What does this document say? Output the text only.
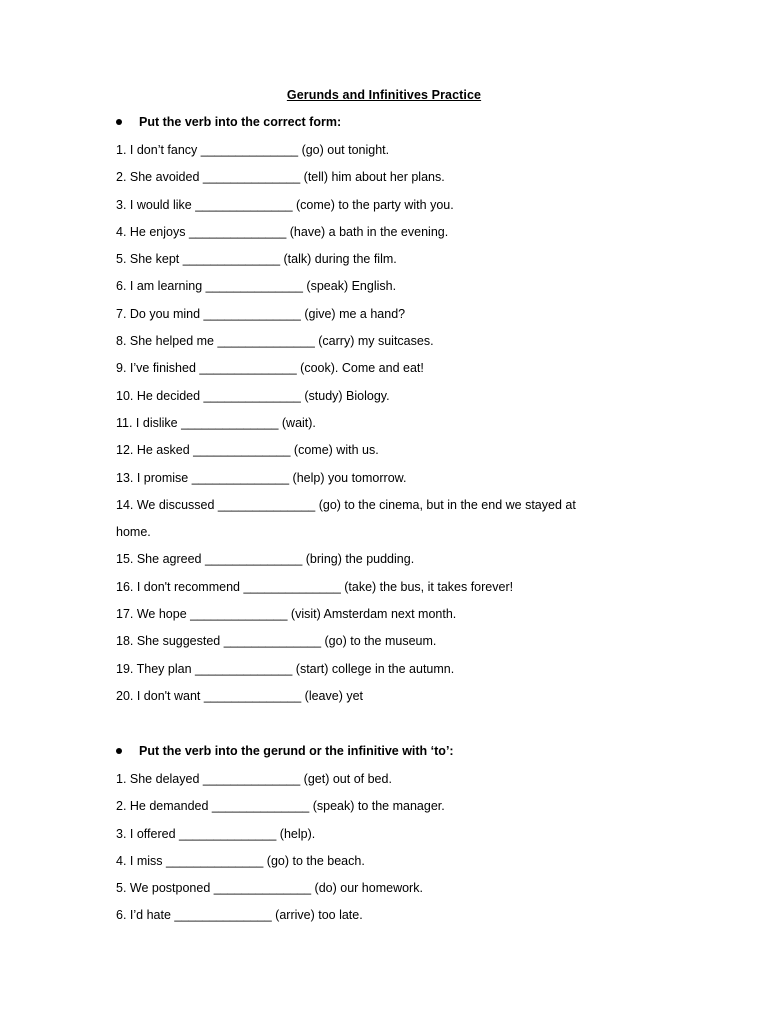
Gerunds and Infinitives Practice
Put the verb into the correct form:
1. I don’t fancy ______________ (go) out tonight.
2. She avoided ______________ (tell) him about her plans.
3. I would like ______________ (come) to the party with you.
4. He enjoys ______________ (have) a bath in the evening.
5. She kept ______________ (talk) during the film.
6. I am learning ______________ (speak) English.
7. Do you mind ______________ (give) me a hand?
8. She helped me ______________ (carry) my suitcases.
9. I’ve finished ______________ (cook). Come and eat!
10. He decided ______________ (study) Biology.
11. I dislike ______________ (wait).
12. He asked ______________ (come) with us.
13. I promise ______________ (help) you tomorrow.
14. We discussed ______________ (go) to the cinema, but in the end we stayed at home.
15. She agreed ______________ (bring) the pudding.
16. I don't recommend ______________ (take) the bus, it takes forever!
17. We hope ______________ (visit) Amsterdam next month.
18. She suggested ______________ (go) to the museum.
19. They plan ______________ (start) college in the autumn.
20. I don't want ______________ (leave) yet
Put the verb into the gerund or the infinitive with ‘to’:
1. She delayed ______________ (get) out of bed.
2. He demanded ______________ (speak) to the manager.
3. I offered ______________ (help).
4. I miss ______________ (go) to the beach.
5. We postponed ______________ (do) our homework.
6. I’d hate ______________ (arrive) too late.
